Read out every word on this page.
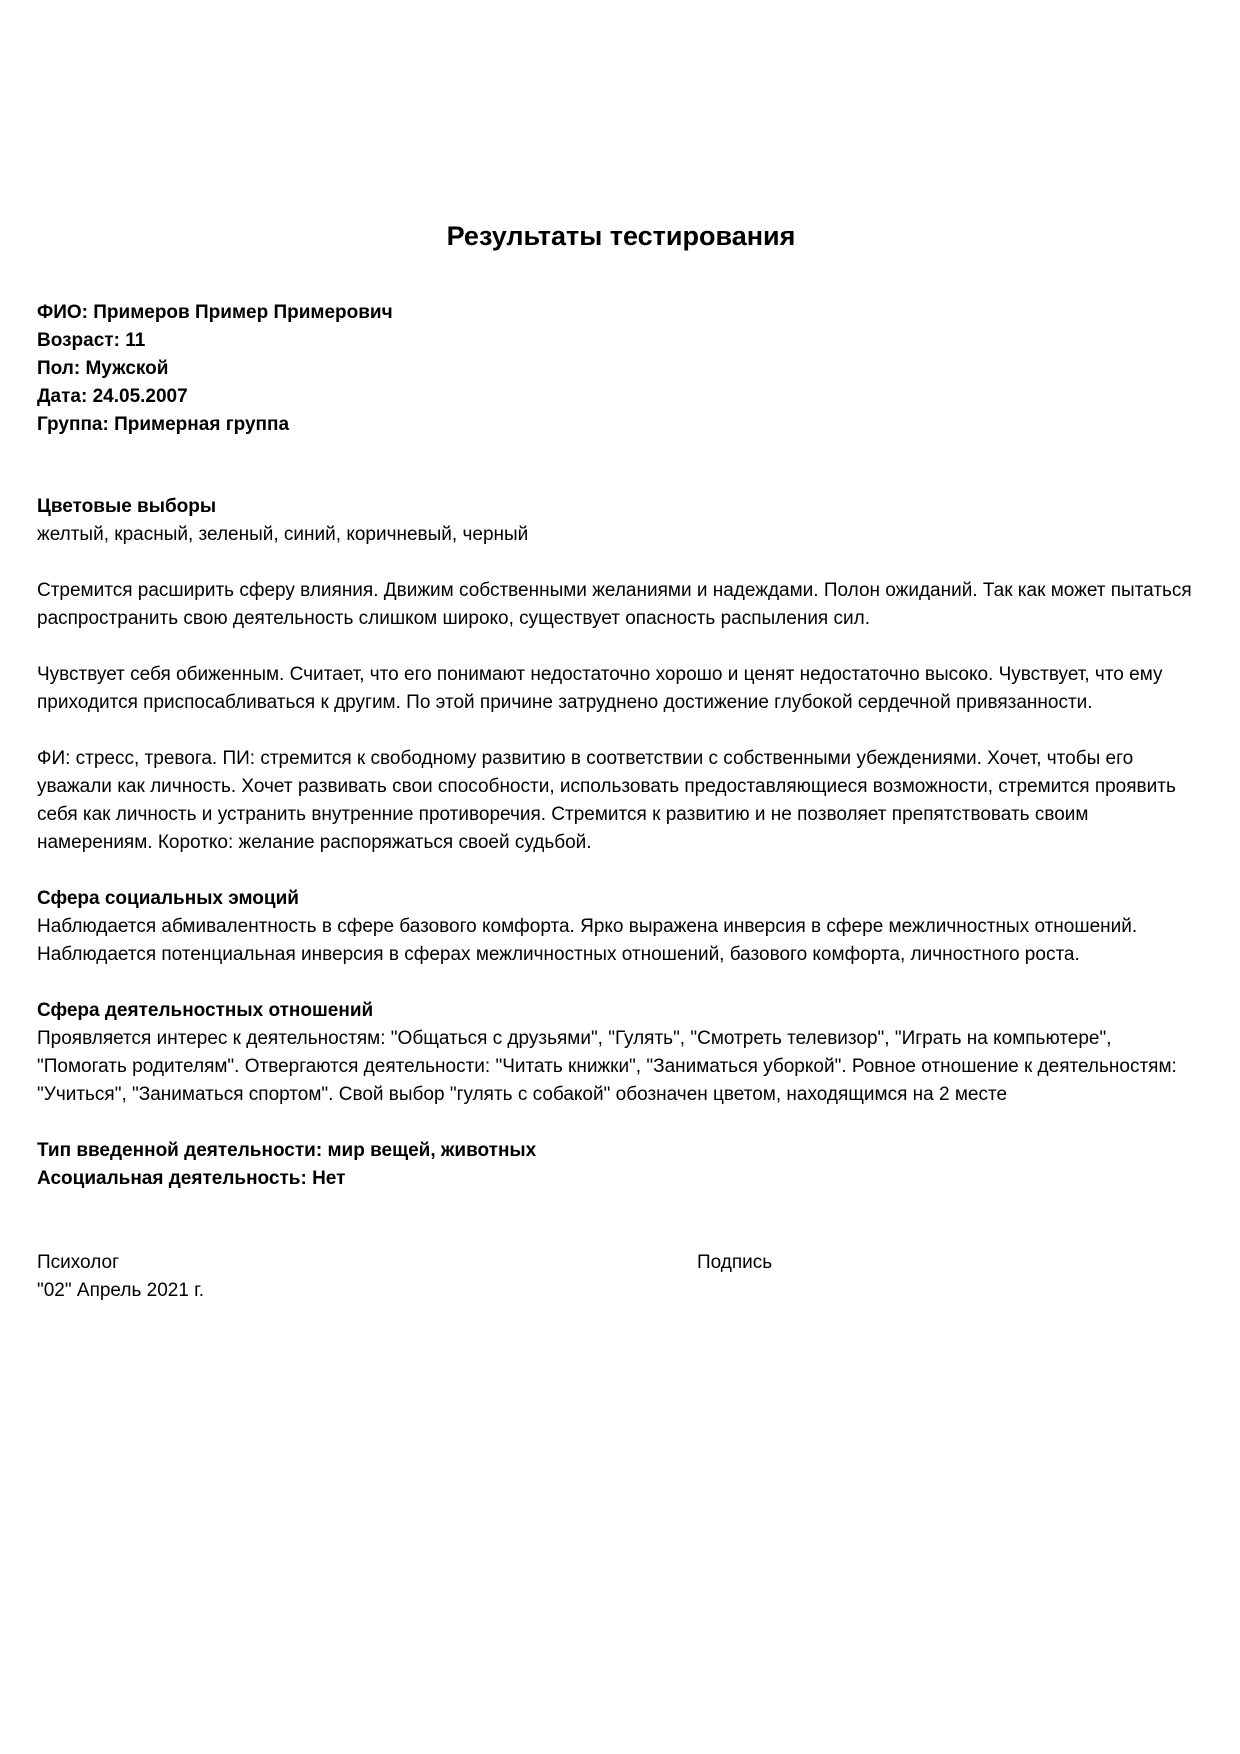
Результаты тестирования
ФИО: Примеров Пример Примерович
Возраст: 11
Пол: Мужской
Дата: 24.05.2007
Группа: Примерная группа
Цветовые выборы
желтый, красный, зеленый, синий, коричневый, черный

Стремится расширить сферу влияния. Движим собственными желаниями и надеждами. Полон ожиданий. Так как может пытаться распространить свою деятельность слишком широко, существует опасность распыления сил.

Чувствует себя обиженным. Считает, что его понимают недостаточно хорошо и ценят недостаточно высоко. Чувствует, что ему приходится приспосабливаться к другим. По этой причине затруднено достижение глубокой сердечной привязанности.

ФИ: стресс, тревога. ПИ: стремится к свободному развитию в соответствии с собственными убеждениями. Хочет, чтобы его уважали как личность. Хочет развивать свои способности, использовать предоставляющиеся возможности, стремится проявить себя как личность и устранить внутренние противоречия. Стремится к развитию и не позволяет препятствовать своим намерениям. Коротко: желание распоряжаться своей судьбой.

Сфера социальных эмоций
Наблюдается абмивалентность в сфере базового комфорта. Ярко выражена инверсия в сфере межличностных отношений. Наблюдается потенциальная инверсия в сферах межличностных отношений, базового комфорта, личностного роста.
Сфера деятельностных отношений
Проявляется интерес к деятельностям: "Общаться с друзьями", "Гулять", "Смотреть телевизор", "Играть на компьютере", "Помогать родителям". Отвергаются деятельности: "Читать книжки", "Заниматься уборкой". Ровное отношение к деятельностям: "Учиться", "Заниматься спортом". Свой выбор "гулять с собакой" обозначен цветом, находящимся на 2 месте
Тип введенной деятельности: мир вещей, животных
Асоциальная деятельность: Нет
Психолог	Подпись
"02" Апрель 2021 г.
